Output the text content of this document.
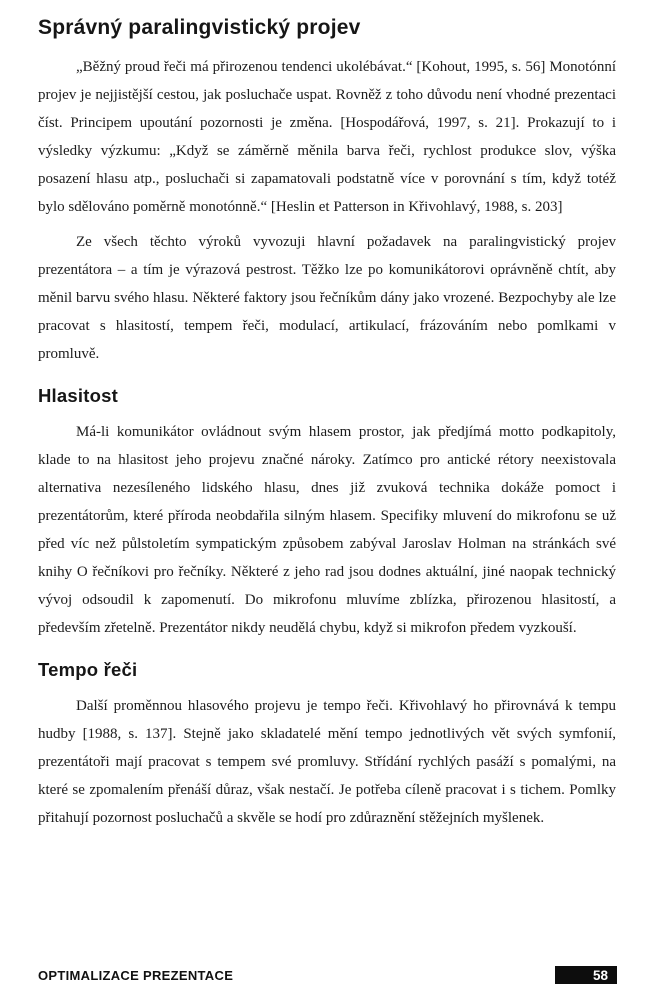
Správný paralingvistický projev

„Běžný proud řeči má přirozenou tendenci ukolébávat.“ [Kohout, 1995, s. 56] Monotónní projev je nejjistější cestou, jak posluchače uspat. Rovněž z toho důvodu není vhodné prezentaci číst. Principem upoutání pozornosti je změna. [Hospodářová, 1997, s. 21]. Prokazují to i výsledky výzkumu: „Když se záměrně měnila barva řeči, rychlost produkce slov, výška posazení hlasu atp., posluchači si zapamatovali podstatně více v porovnání s tím, když totéž bylo sdělováno poměrně monotónně.“ [Heslin et Patterson in Křivohlavý, 1988, s. 203]

Ze všech těchto výroků vyvozuji hlavní požadavek na paralingvistický projev prezentátora – a tím je výrazová pestrost. Těžko lze po komunikátorovi oprávněně chtít, aby měnil barvu svého hlasu. Některé faktory jsou řečníkům dány jako vrozené. Bezpochyby ale lze pracovat s hlasitostí, tempem řeči, modulací, artikulací, frázováním nebo pomlkami v promluvě.

Hlasitost

Má-li komunikátor ovládnout svým hlasem prostor, jak předjímá motto podkapitoly, klade to na hlasitost jeho projevu značné nároky. Zatímco pro antické rétory neexistovala alternativa nezesíleného lidského hlasu, dnes již zvuková technika dokáže pomoct i prezentátorům, které příroda neobdařila silným hlasem. Specifiky mluvení do mikrofonu se už před víc než půlstoletím sympatickým způsobem zabýval Jaroslav Holman na stránkách své knihy O řečníkovi pro řečníky. Některé z jeho rad jsou dodnes aktuální, jiné naopak technický vývoj odsoudil k zapomenutí. Do mikrofonu mluvíme zblízka, přirozenou hlasitostí, a především zřetelně. Prezentátor nikdy neudělá chybu, když si mikrofon předem vyzkouší.

Tempo řeči

Další proměnnou hlasového projevu je tempo řeči. Křivohlavý ho přirovnává k tempu hudby [1988, s. 137]. Stejně jako skladatelé mění tempo jednotlivých vět svých symfonií, prezentátoři mají pracovat s tempem své promluvy. Střídání rychlých pasáží s pomalými, na které se zpomalením přenáší důraz, však nestačí. Je potřeba cíleně pracovat i s tichem. Pomlky přitahují pozornost posluchačů a skvěle se hodí pro zdůraznění stěžejních myšlenek.

OPTIMALIZACE PREZENTACE	58
